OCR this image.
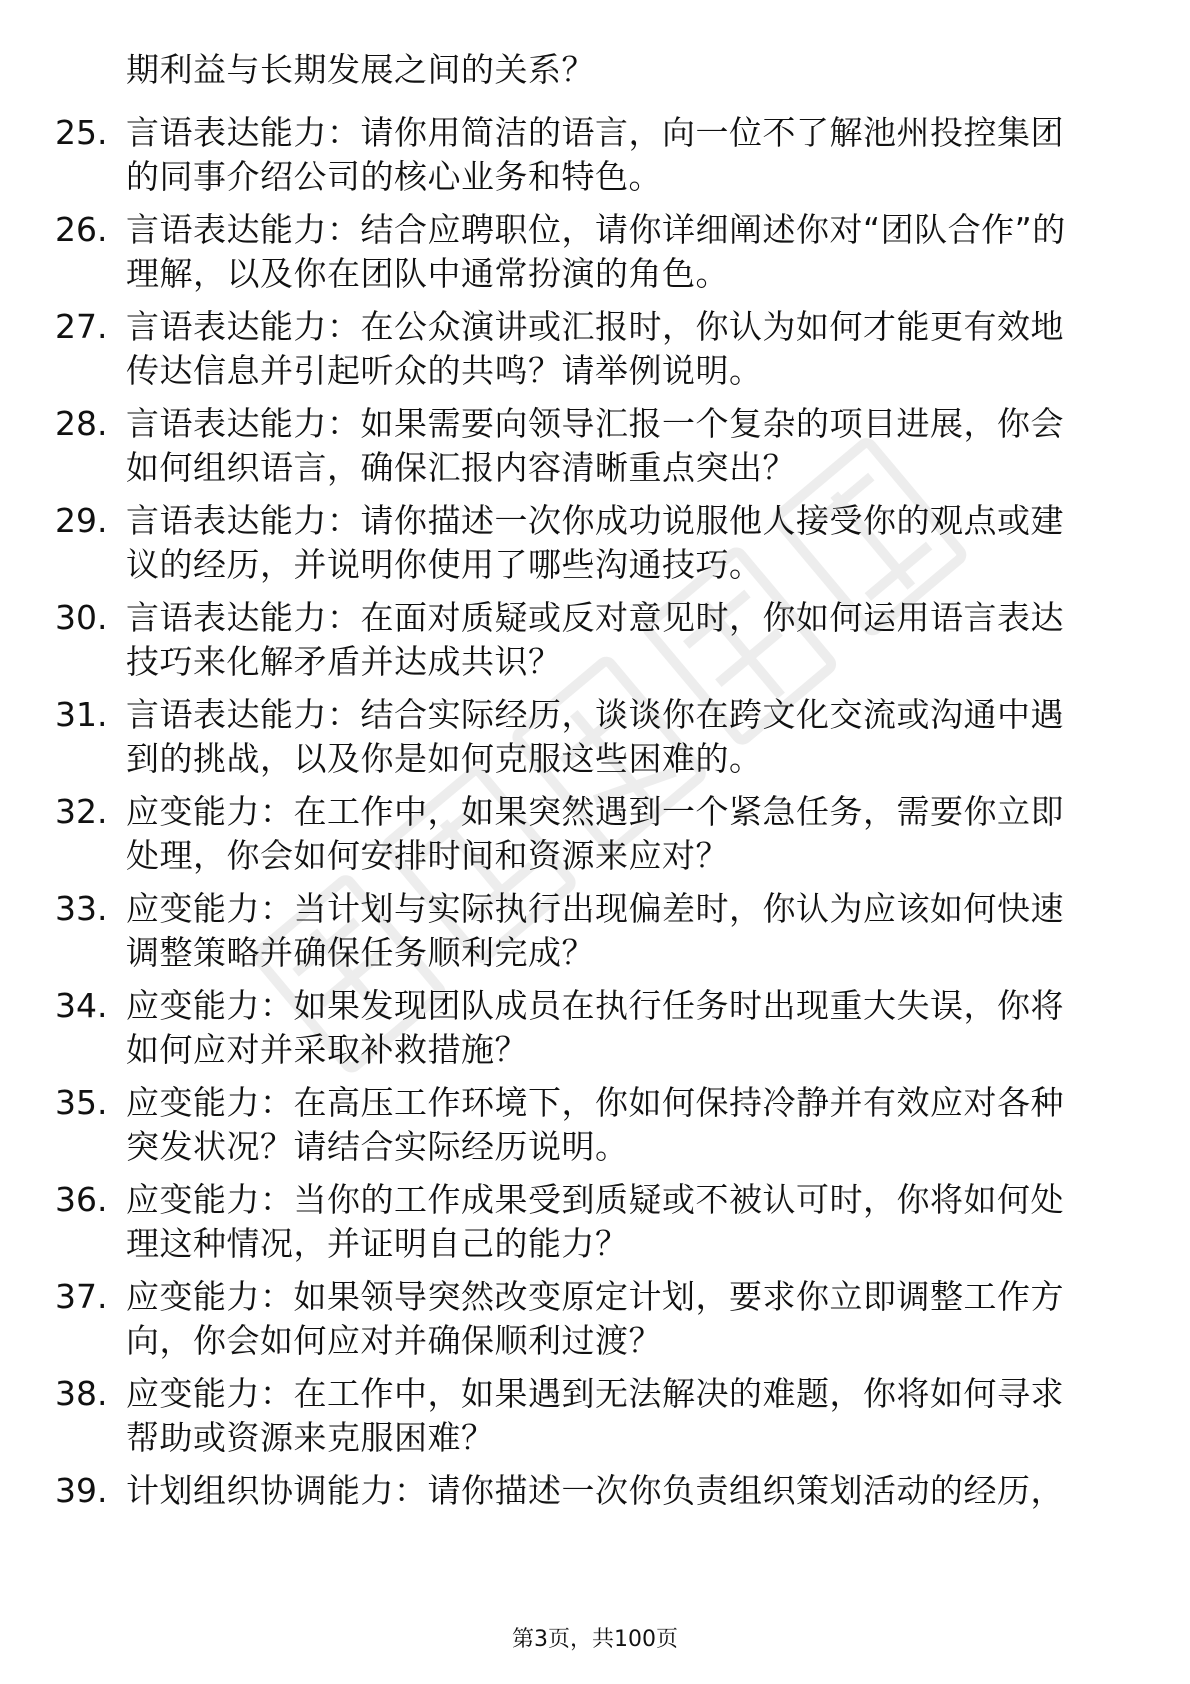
期利益与长期发展之间的关系？
25. 言语表达能力：请你用简洁的语言，向一位不了解池州投控集团
的同事介绍公司的核心业务和特色。
26. 言语表达能力：结合应聘职位，请你详细阐述你对“团队合作”的
理解，以及你在团队中通常扮演的角色。
27. 言语表达能力：在公众演讲或汇报时，你认为如何才能更有效地
传达信息并引起听众的共鸣？请举例说明。
28. 言语表达能力：如果需要向领导汇报一个复杂的项目进展，你会
如何组织语言，确保汇报内容清晰重点突出？
29. 言语表达能力：请你描述一次你成功说服他人接受你的观点或建
议的经历，并说明你使用了哪些沟通技巧。
30. 言语表达能力：在面对质疑或反对意见时，你如何运用语言表达
技巧来化解矛盾并达成共识？
31. 言语表达能力：结合实际经历，谈谈你在跨文化交流或沟通中遇
到的挑战，以及你是如何克服这些困难的。
32. 应变能力：在工作中，如果突然遇到一个紧急任务，需要你立即
处理，你会如何安排时间和资源来应对？
33. 应变能力：当计划与实际执行出现偏差时，你认为应该如何快速
调整策略并确保任务顺利完成？
34. 应变能力：如果发现团队成员在执行任务时出现重大失误，你将
如何应对并采取补救措施？
35. 应变能力：在高压工作环境下，你如何保持冷静并有效应对各种
突发状况？请结合实际经历说明。
36. 应变能力：当你的工作成果受到质疑或不被认可时，你将如何处
理这种情况，并证明自己的能力？
37. 应变能力：如果领导突然改变原定计划，要求你立即调整工作方
向，你会如何应对并确保顺利过渡？
38. 应变能力：在工作中，如果遇到无法解决的难题，你将如何寻求
帮助或资源来克服困难？
39. 计划组织协调能力：请你描述一次你负责组织策划活动的经历，
第3页，共100页
